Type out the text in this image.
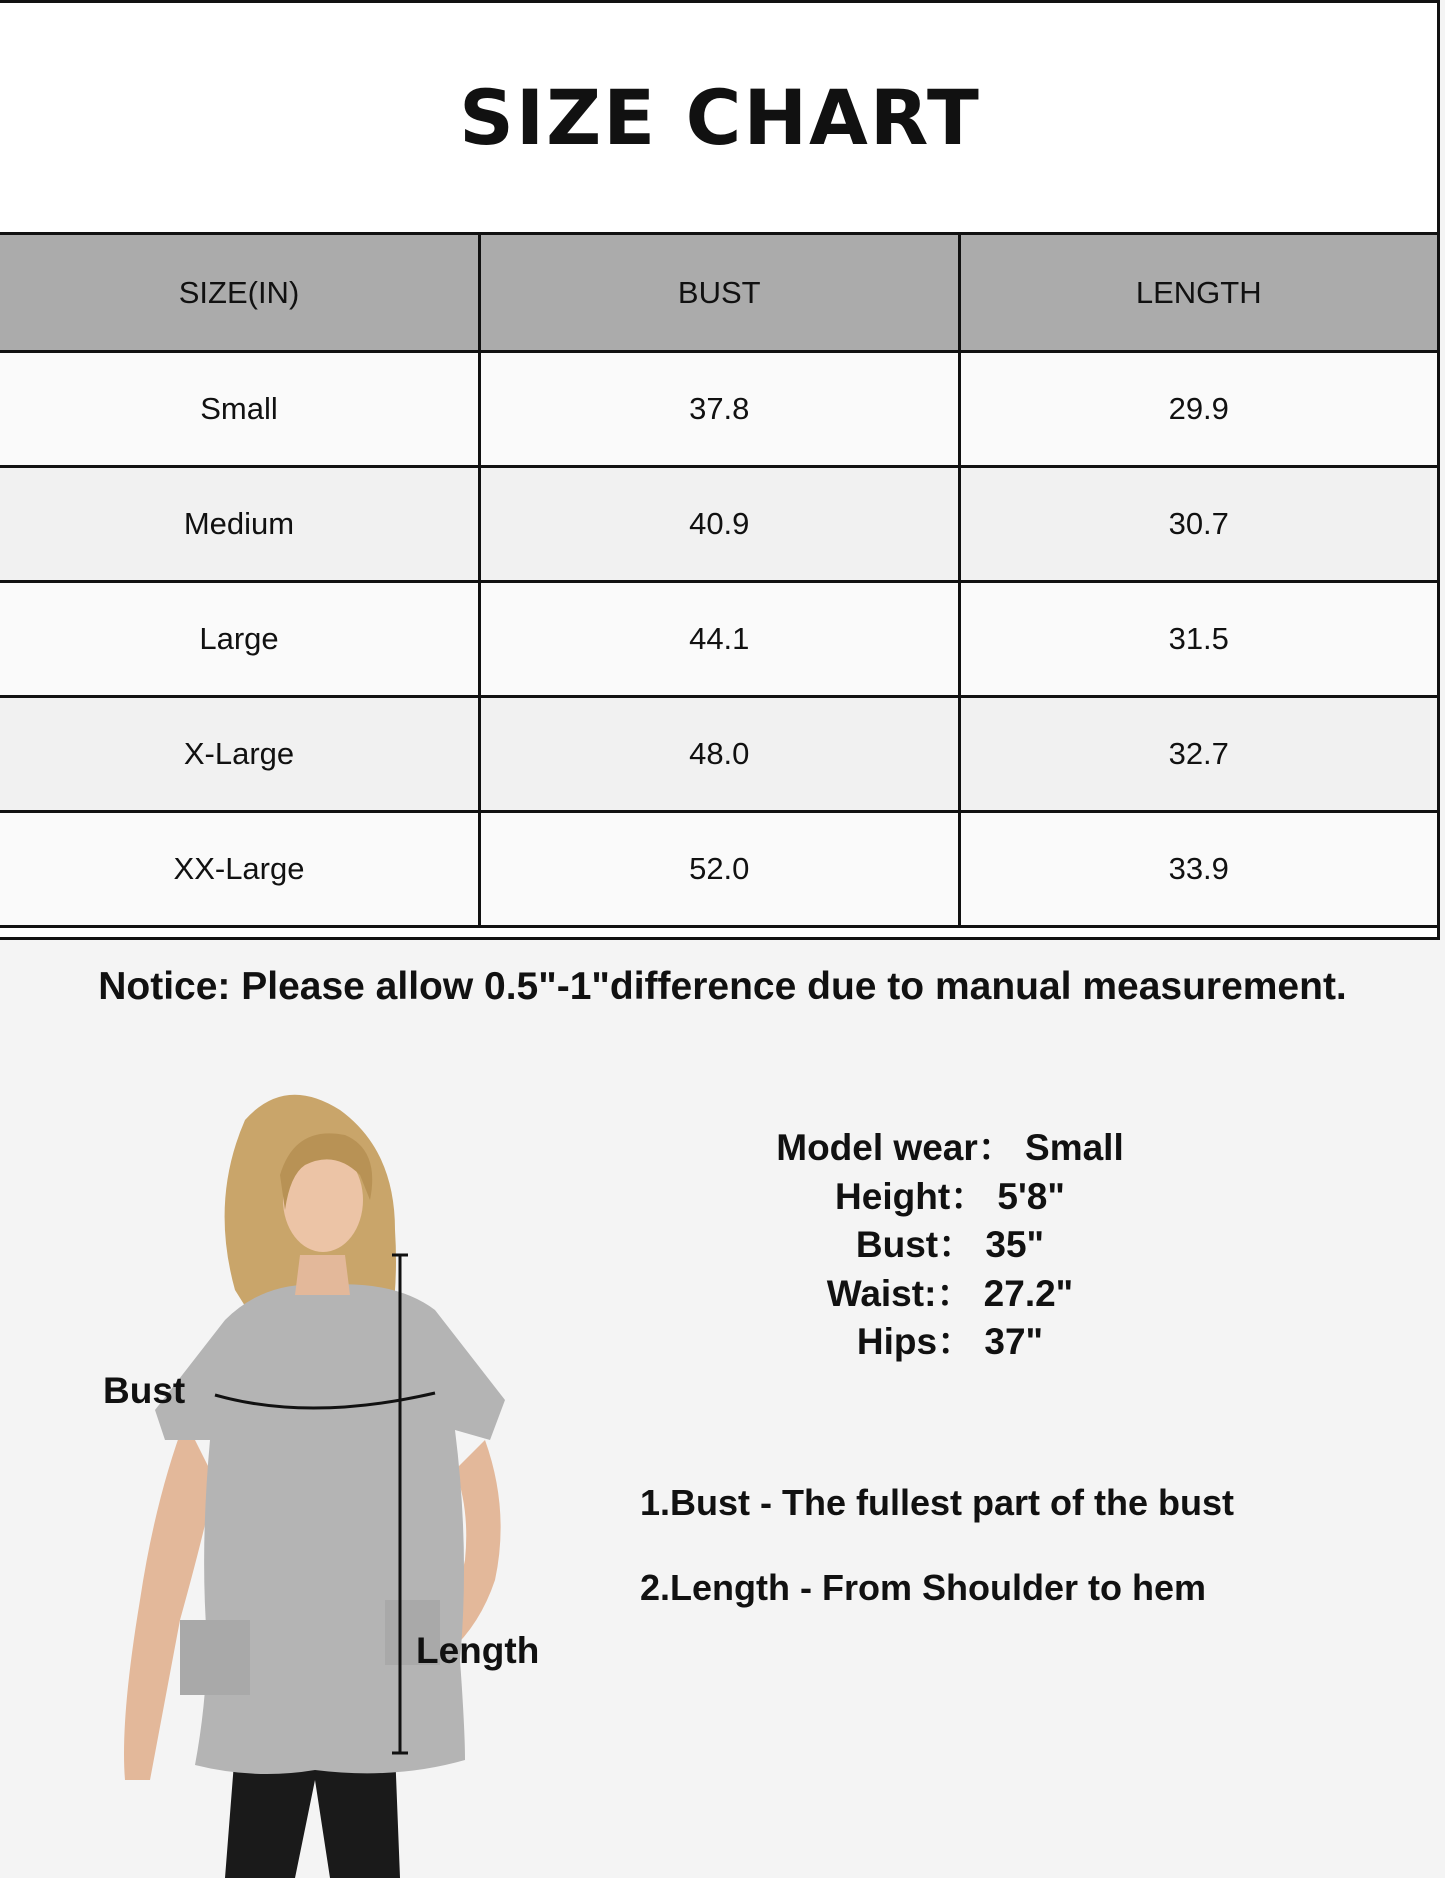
SIZE CHART
SIZE(IN)	BUST	LENGTH
Small	37.8	29.9
Medium	40.9	30.7
Large	44.1	31.5
X-Large	48.0	32.7
XX-Large	52.0	33.9
Notice: Please allow 0.5"-1"difference due to manual measurement.
Model wear： Small
Height： 5'8"
Bust： 35"
Waist:： 27.2"
Hips： 37"
1.Bust - The fullest part of the bust
2.Length - From Shoulder to hem
Bust
Length
